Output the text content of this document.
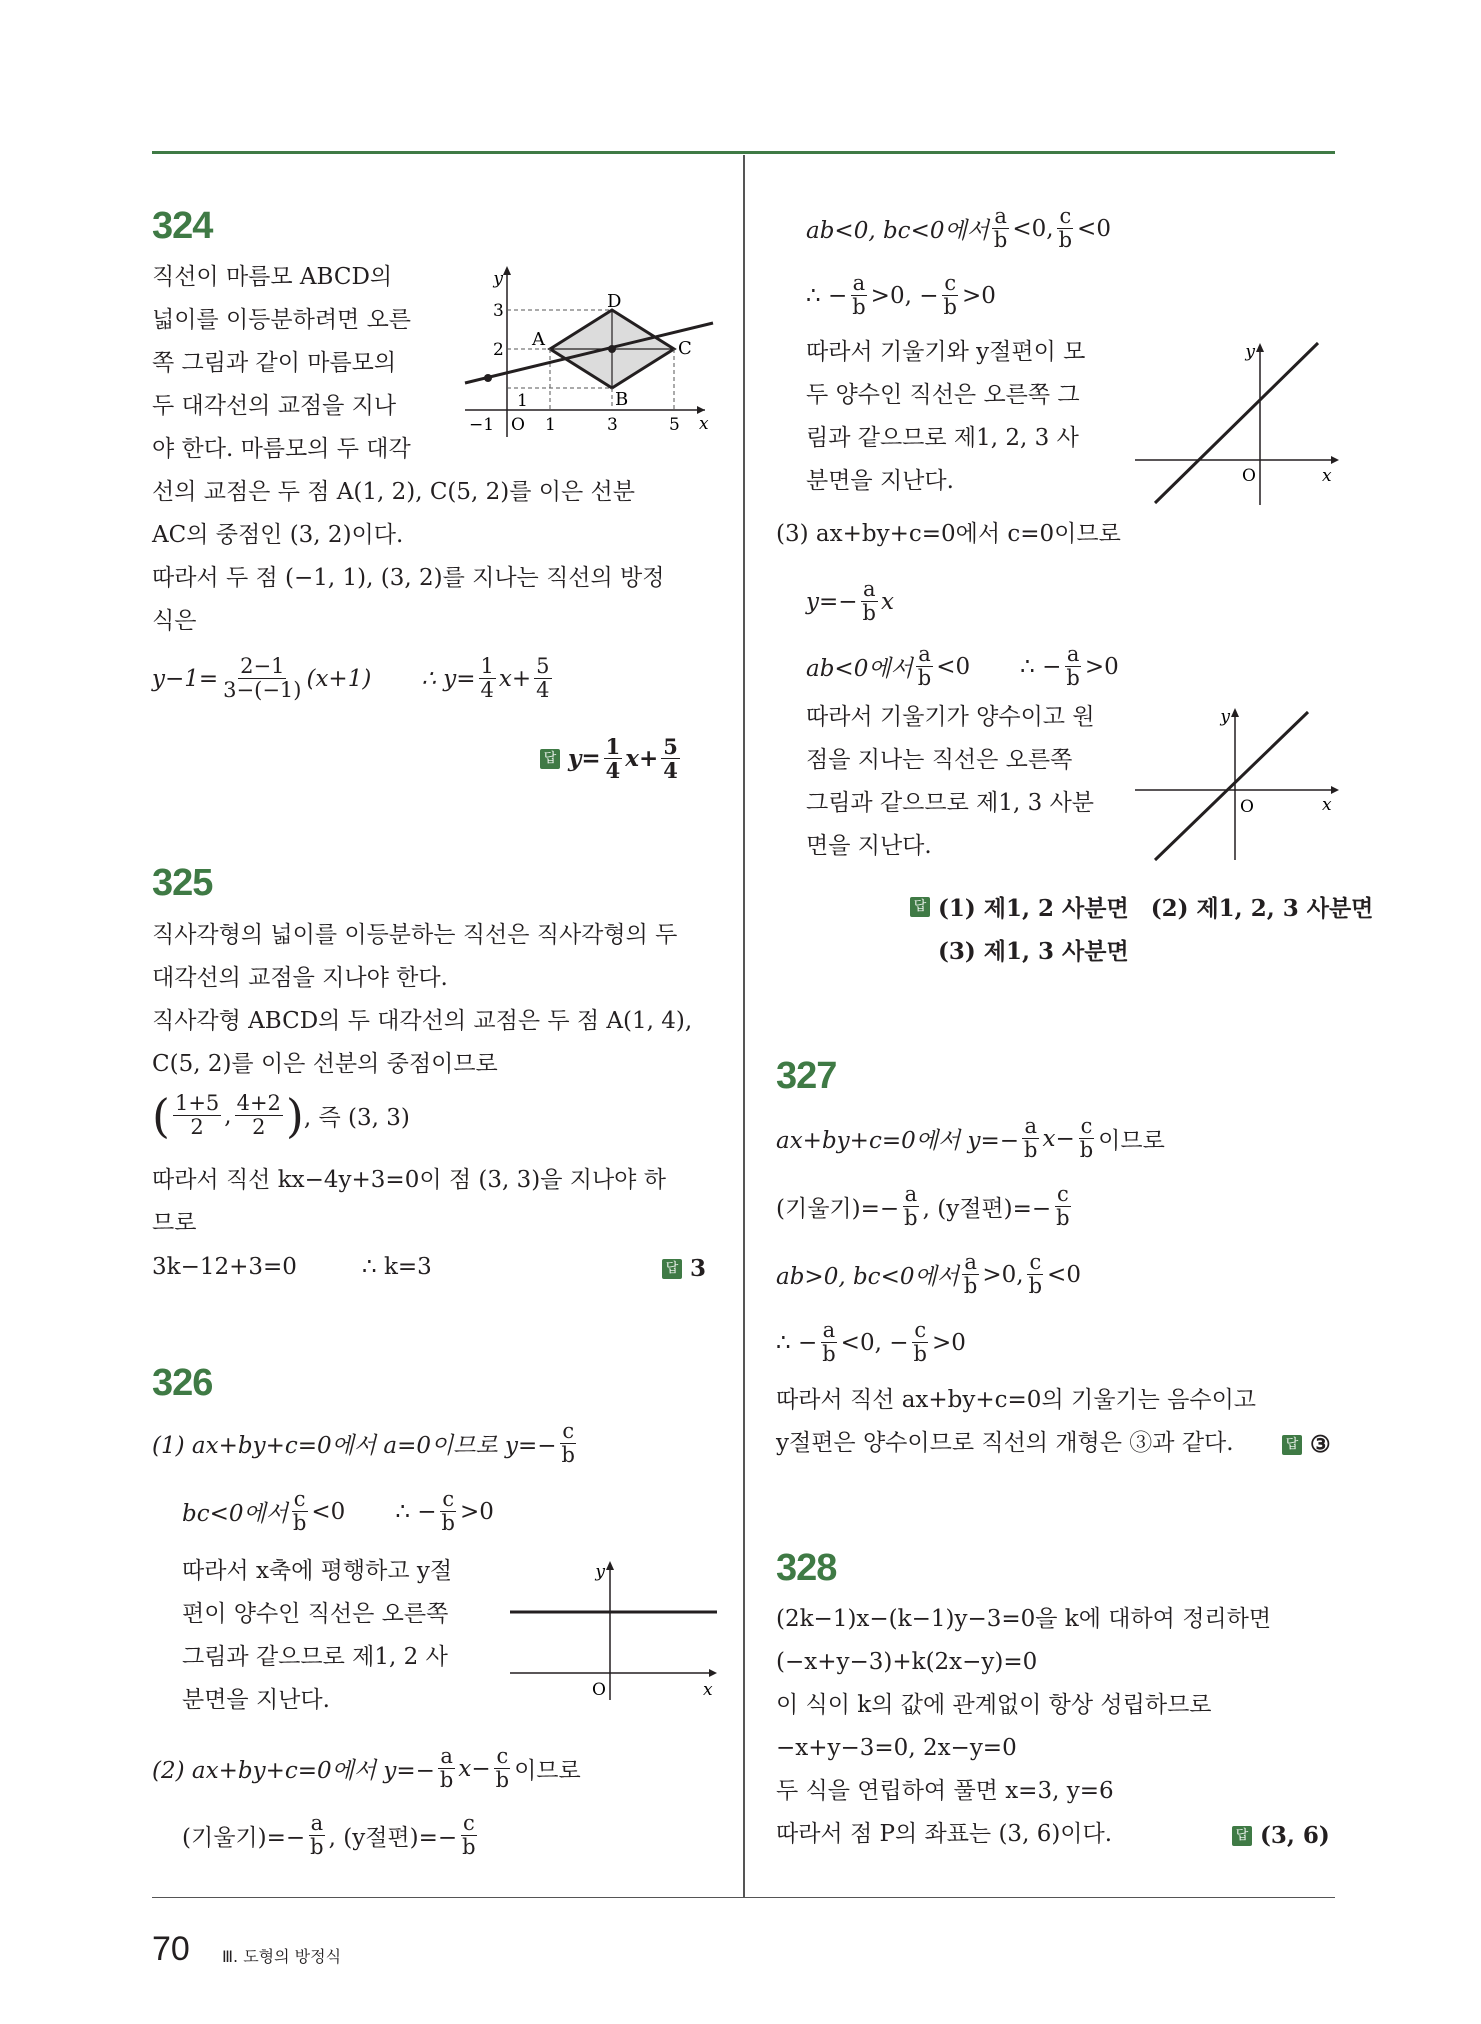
324
직선이 마름모 ABCD의
넓이를 이등분하려면 오른
쪽 그림과 같이 마름모의
두 대각선의 교점을 지나
야 한다. 마름모의 두 대각
선의 교점은 두 점 A(1, 2), C(5, 2)를 이은 선분
AC의 중점인 (3, 2)이다.
따라서 두 점 (−1, 1), (3, 2)를 지나는 직선의 방정
식은
$y-1= \frac{2-1}{3-(-1)} (x+1)$ ∴ $y= \frac{1}{4} x+ \frac{5}{4}$
답 $y= \frac{1}{4} x+ \frac{5}{4}$
y
x
O
−1	1	3	5
3
2
1
A
D
C
B
325
직사각형의 넓이를 이등분하는 직선은 직사각형의 두
대각선의 교점을 지나야 한다.
직사각형 ABCD의 두 대각선의 교점은 두 점 A(1, 4),
C(5, 2)를 이은 선분의 중점이므로
( $\frac{1+5}{2}$ , $\frac{4+2}{2}$ ) , 즉 (3, 3)
따라서 직선 kx−4y+3=0이 점 (3, 3)을 지나야 하
므로
3k−12+3=0	∴ k=3	답 3
326
(1) ax+by+c=0에서 a=0이므로 $y=- \frac{c}{b}$
bc<0에서 $\frac{c}{b} <0$ ∴ − $\frac{c}{b} >0$
따라서 x축에 평행하고 y절
편이 양수인 직선은 오른쪽
그림과 같으므로 제1, 2 사
분면을 지난다.
y
x
O
(2) ax+by+c=0에서 $y=- \frac{a}{b} x- \frac{c}{b}$ 이므로
(기울기)=− $\frac{a}{b}$ , (y절편)=− $\frac{c}{b}$
ab<0, bc<0에서 $\frac{a}{b} <0$, $\frac{c}{b} <0$
∴ − $\frac{a}{b} >0$, − $\frac{c}{b} >0$
따라서 기울기와 y절편이 모
두 양수인 직선은 오른쪽 그
림과 같으므로 제1, 2, 3 사
분면을 지난다.
y
x
O
(3) ax+by+c=0에서 c=0이므로
$y=- \frac{a}{b}$ x
ab<0에서 $\frac{a}{b} <0$ ∴ − $\frac{a}{b} >0$
따라서 기울기가 양수이고 원
점을 지나는 직선은 오른쪽
그림과 같으므로 제1, 3 사분
면을 지난다.
y
x
O
답 (1) 제1, 2 사분면 (2) 제1, 2, 3 사분면
(3) 제1, 3 사분면
327
ax+by+c=0에서 $y=- \frac{a}{b} x- \frac{c}{b}$ 이므로
(기울기)=− $\frac{a}{b}$ , (y절편)=− $\frac{c}{b}$
ab>0, bc<0에서 $\frac{a}{b} >0$, $\frac{c}{b} <0$
∴ − $\frac{a}{b} <0$, − $\frac{c}{b} >0$
따라서 직선 ax+by+c=0의 기울기는 음수이고
y절편은 양수이므로 직선의 개형은 ③과 같다.	답 ③
328
(2k−1)x−(k−1)y−3=0을 k에 대하여 정리하면
(−x+y−3)+k(2x−y)=0
이 식이 k의 값에 관계없이 항상 성립하므로
−x+y−3=0, 2x−y=0
두 식을 연립하여 풀면 x=3, y=6
따라서 점 P의 좌표는 (3, 6)이다.	답 (3, 6)
70 Ⅲ. 도형의 방정식
